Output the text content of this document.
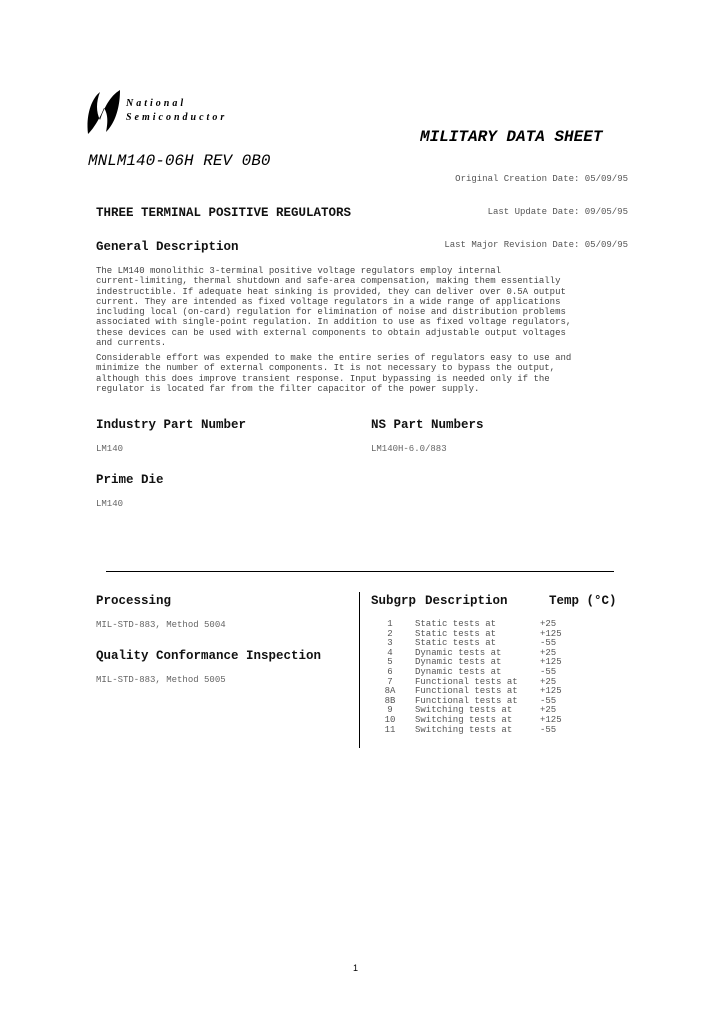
National
Semiconductor
MILITARY DATA SHEET
MNLM140-06H REV 0B0

Original Creation Date: 05/09/95

Last Update Date: 09/05/95

Last Major Revision Date: 05/09/95

THREE TERMINAL POSITIVE REGULATORS
General Description
The LM140 monolithic 3-terminal positive voltage regulators employ internal
current-limiting, thermal shutdown and safe-area compensation, making them essentially
indestructible. If adequate heat sinking is provided, they can deliver over 0.5A output
current. They are intended as fixed voltage regulators in a wide range of applications
including local (on-card) regulation for elimination of noise and distribution problems
associated with single-point regulation. In addition to use as fixed voltage regulators,
these devices can be used with external components to obtain adjustable output voltages
and currents.
Considerable effort was expended to make the entire series of regulators easy to use and
minimize the number of external components. It is not necessary to bypass the output,
although this does improve transient response. Input bypassing is needed only if the
regulator is located far from the filter capacitor of the power supply.
Industry Part Number
LM140
NS Part Numbers
LM140H-6.0/883
Prime Die
LM140
Processing
MIL-STD-883, Method 5004
Quality Conformance Inspection
MIL-STD-883, Method 5005
Subgrp Description	Temp (°C)
1	Static tests at	+25
2	Static tests at	+125
3	Static tests at	-55
4	Dynamic tests at	+25
5	Dynamic tests at	+125
6	Dynamic tests at	-55
7	Functional tests at +25
8A	Functional tests at +125
8B	Functional tests at -55
9	Switching tests at	+25
10	Switching tests at	+125
11	Switching tests at	-55
1
